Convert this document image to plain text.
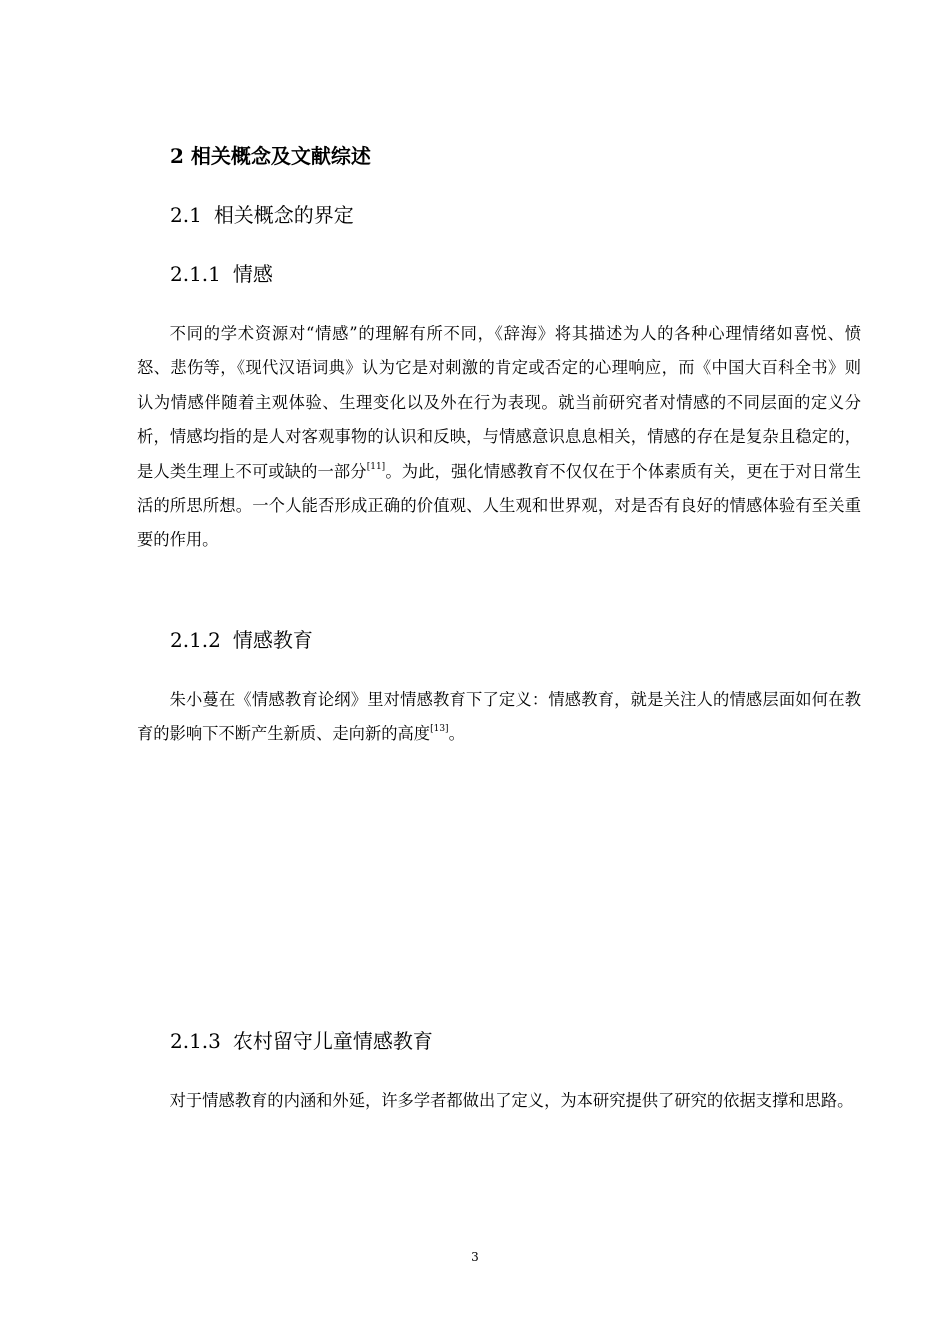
2 相关概念及文献综述
2.1 相关概念的界定
2.1.1 情感

不同的学术资源对“情感”的理解有所不同，《辞海》将其描述为人的各种心理情绪如喜悦、愤怒、悲伤等，《现代汉语词典》认为它是对刺激的肯定或否定的心理响应，而《中国大百科全书》则认为情感伴随着主观体验、生理变化以及外在行为表现。就当前研究者对情感的不同层面的定义分析，情感均指的是人对客观事物的认识和反映，与情感意识息息相关，情感的存在是复杂且稳定的，是人类生理上不可或缺的一部分[11]。为此，强化情感教育不仅仅在于个体素质有关，更在于对日常生活的所思所想。一个人能否形成正确的价值观、人生观和世界观，对是否有良好的情感体验有至关重要的作用。

2.1.2 情感教育

朱小蔓在《情感教育论纲》里对情感教育下了定义：情感教育，就是关注人的情感层面如何在教育的影响下不断产生新质、走向新的高度[13]。

2.1.3 农村留守儿童情感教育

对于情感教育的内涵和外延，许多学者都做出了定义，为本研究提供了研究的依据支撑和思路。

3
